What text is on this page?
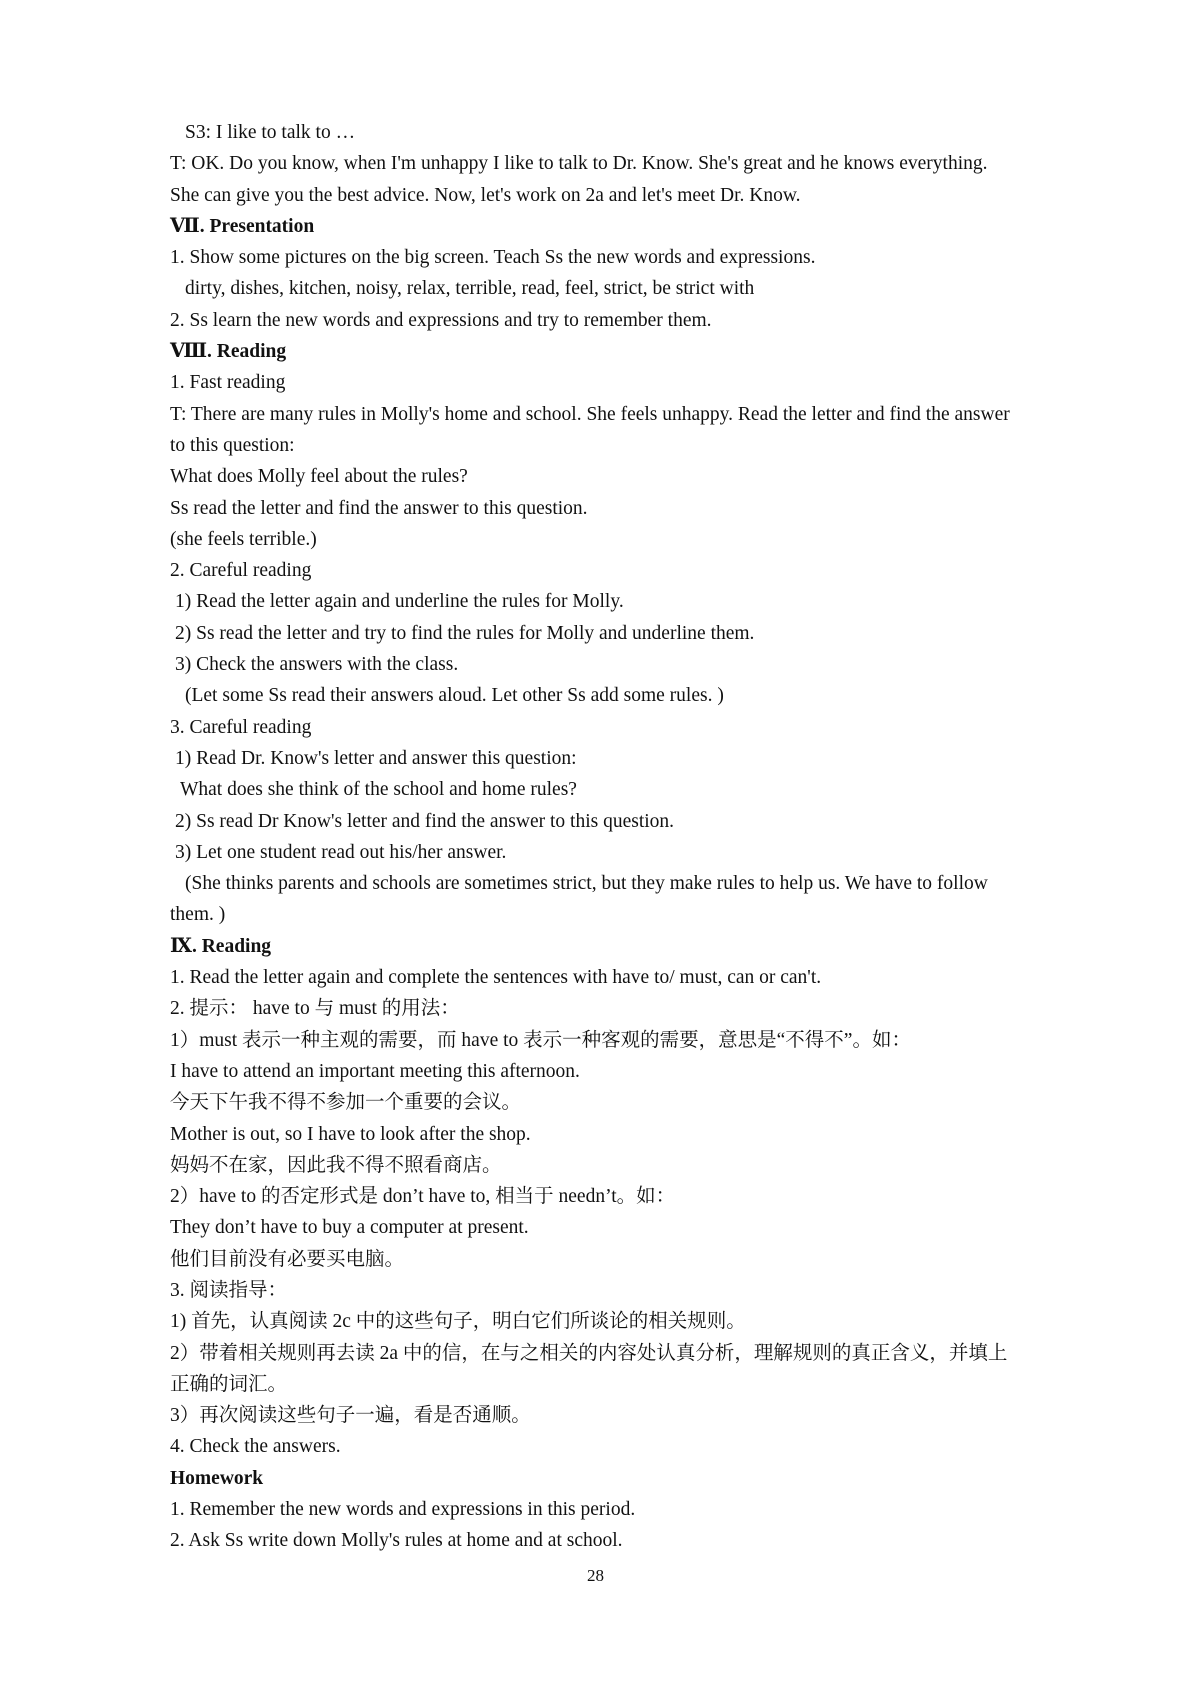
S3: I like to talk to …
T: OK. Do you know, when I'm unhappy I like to talk to Dr. Know. She's great and he knows everything.
She can give you the best advice. Now, let's work on 2a and let's meet Dr. Know.
Ⅶ. Presentation
1. Show some pictures on the big screen. Teach Ss the new words and expressions.
dirty, dishes, kitchen, noisy, relax, terrible, read, feel, strict, be strict with
2. Ss learn the new words and expressions and try to remember them.
Ⅷ. Reading
1. Fast reading
T: There are many rules in Molly's home and school. She feels unhappy. Read the letter and find the answer
to this question:
What does Molly feel about the rules?
Ss read the letter and find the answer to this question.
(she feels terrible.)
2. Careful reading
1) Read the letter again and underline the rules for Molly.
2) Ss read the letter and try to find the rules for Molly and underline them.
3) Check the answers with the class.
(Let some Ss read their answers aloud. Let other Ss add some rules. )
3. Careful reading
1) Read Dr. Know's letter and answer this question:
What does she think of the school and home rules?
2) Ss read Dr Know's letter and find the answer to this question.
3) Let one student read out his/her answer.
(She thinks parents and schools are sometimes strict, but they make rules to help us. We have to follow
them. )
Ⅸ. Reading
1. Read the letter again and complete the sentences with have to/ must, can or can't.
2. 提示： have to 与 must 的用法：
1）must 表示一种主观的需要，而 have to 表示一种客观的需要，意思是“不得不”。如：
I have to attend an important meeting this afternoon.
今天下午我不得不参加一个重要的会议。
Mother is out, so I have to look after the shop.
妈妈不在家，因此我不得不照看商店。
2）have to 的否定形式是 don’t have to, 相当于 needn’t。如：
They don’t have to buy a computer at present.
他们目前没有必要买电脑。
3. 阅读指导：
1) 首先，认真阅读 2c 中的这些句子，明白它们所谈论的相关规则。
2）带着相关规则再去读 2a 中的信，在与之相关的内容处认真分析，理解规则的真正含义，并填上
正确的词汇。
3）再次阅读这些句子一遍，看是否通顺。
4. Check the answers.
Homework
1. Remember the new words and expressions in this period.
2. Ask Ss write down Molly's rules at home and at school.
28
